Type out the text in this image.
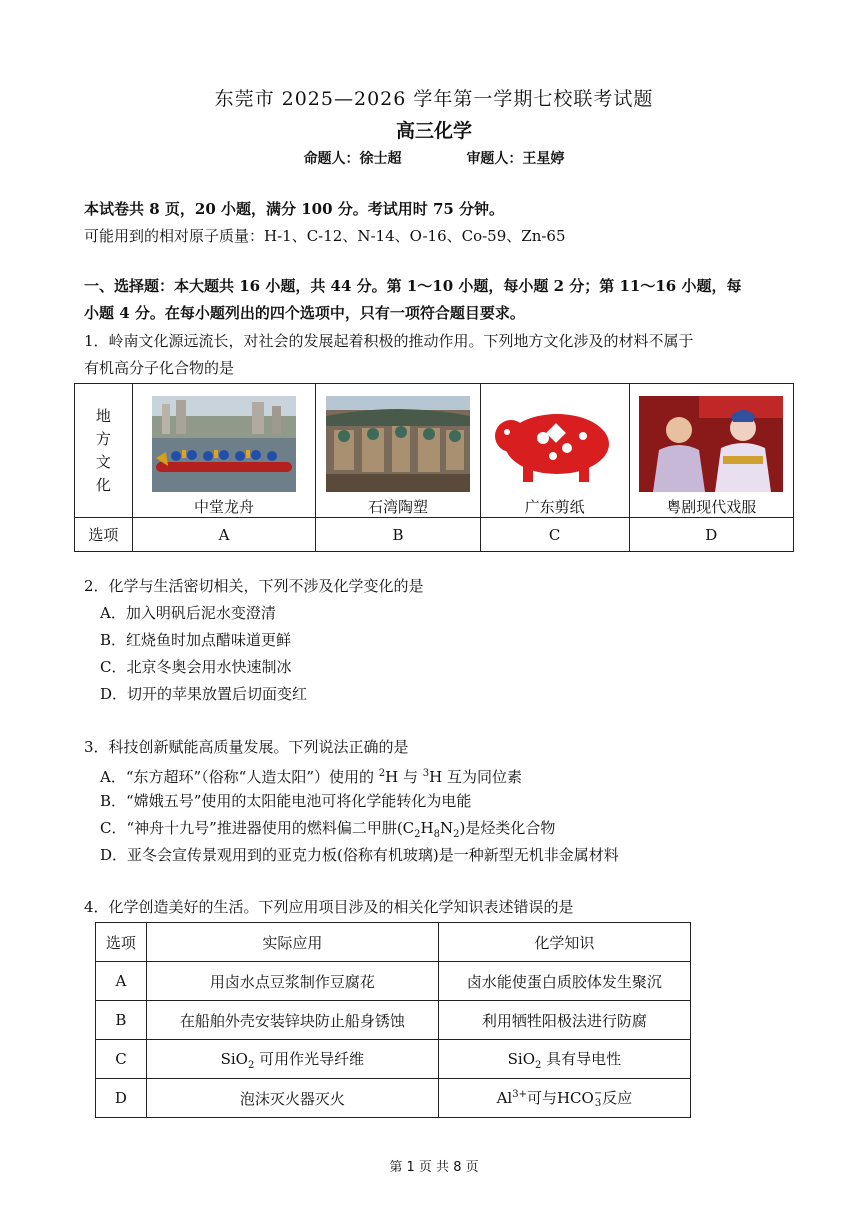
东莞市 2025—2026 学年第一学期七校联考试题
高三化学
命题人：徐士超	审题人：王星婷
本试卷共 8 页，20 小题，满分 100 分。考试用时 75 分钟。
可能用到的相对原子质量：H-1、C-12、N-14、O-16、Co-59、Zn-65
一、选择题：本大题共 16 小题，共 44 分。第 1～10 小题，每小题 2 分；第 11～16 小题，每
小题 4 分。在每小题列出的四个选项中，只有一项符合题目要求。
1．岭南文化源远流长，对社会的发展起着积极的推动作用。下列地方文化涉及的材料不属于
有机高分子化合物的是
地
方
文
化	中堂龙舟	石湾陶塑	广东剪纸	粤剧现代戏服

选项	A	B	C	D
2．化学与生活密切相关，下列不涉及化学变化的是
A．加入明矾后泥水变澄清
B．红烧鱼时加点醋味道更鲜
C．北京冬奥会用水快速制冰
D．切开的苹果放置后切面变红
3．科技创新赋能高质量发展。下列说法正确的是
A．“东方超环”（俗称“人造太阳”）使用的 $^2$H 与 $^3$H 互为同位素
B．“嫦娥五号”使用的太阳能电池可将化学能转化为电能
C．“神舟十九号”推进器使用的燃料偏二甲肼$(C_2H_8N_2)$是烃类化合物
D．亚冬会宣传景观用到的亚克力板(俗称有机玻璃)是一种新型无机非金属材料
4．化学创造美好的生活。下列应用项目涉及的相关化学知识表述错误的是
选项	实际应用	化学知识
A	用卤水点豆浆制作豆腐花	卤水能使蛋白质胶体发生聚沉
B	在船舶外壳安装锌块防止船身锈蚀	利用牺牲阳极法进行防腐
C	SiO$_2$ 可用作光导纤维	SiO$_2$ 具有导电性
D	泡沫灭火器灭火	$Al^{3+}$可与HCO −
3 反应
第 1 页 共 8 页
